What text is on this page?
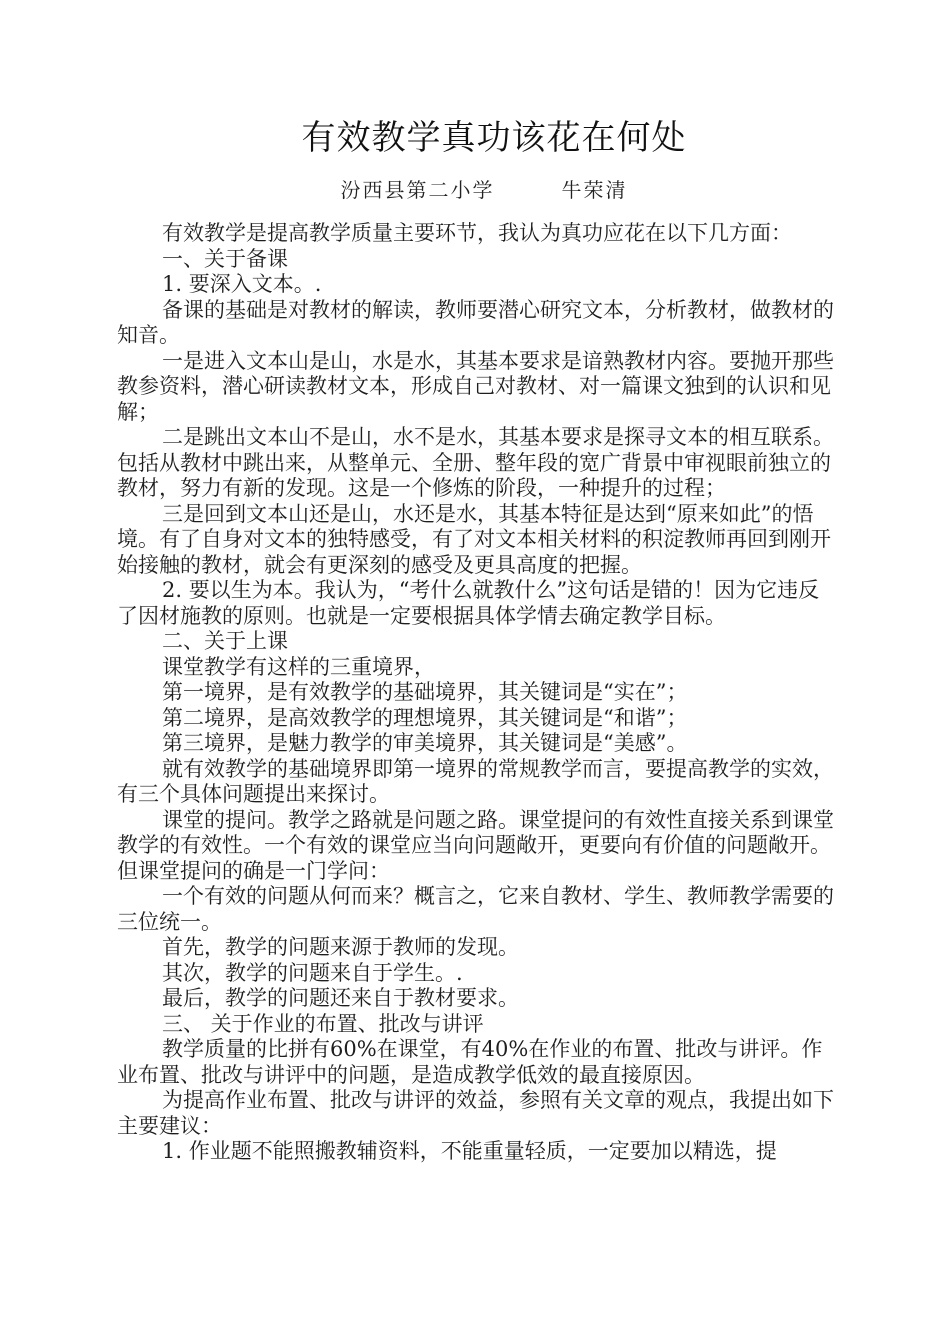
有效教学真功该花在何处
汾西县第二小学   牛荣清

有效教学是提高教学质量主要环节，我认为真功应花在以下几方面：

一、关于备课

1. 要深入文本。.

备课的基础是对教材的解读，教师要潜心研究文本，分析教材，做教材的知音。

一是进入文本山是山，水是水，其基本要求是谙熟教材内容。要抛开那些教参资料，潜心研读教材文本，形成自己对教材、对一篇课文独到的认识和见解；

二是跳出文本山不是山，水不是水，其基本要求是探寻文本的相互联系。包括从教材中跳出来，从整单元、全册、整年段的宽广背景中审视眼前独立的教材，努力有新的发现。这是一个修炼的阶段，一种提升的过程；

三是回到文本山还是山，水还是水，其基本特征是达到“原来如此”的悟境。有了自身对文本的独特感受，有了对文本相关材料的积淀教师再回到刚开始接触的教材，就会有更深刻的感受及更具高度的把握。

2. 要以生为本。我认为，“考什么就教什么”这句话是错的！因为它违反了因材施教的原则。也就是一定要根据具体学情去确定教学目标。

二、关于上课

课堂教学有这样的三重境界，

第一境界，是有效教学的基础境界，其关键词是“实在”；

第二境界，是高效教学的理想境界，其关键词是“和谐”；

第三境界，是魅力教学的审美境界，其关键词是“美感”。

就有效教学的基础境界即第一境界的常规教学而言，要提高教学的实效，有三个具体问题提出来探讨。

课堂的提问。教学之路就是问题之路。课堂提问的有效性直接关系到课堂教学的有效性。一个有效的课堂应当向问题敞开，更要向有价值的问题敞开。但课堂提问的确是一门学问：

一个有效的问题从何而来？概言之，它来自教材、学生、教师教学需要的三位统一。

首先，教学的问题来源于教师的发现。

其次，教学的问题来自于学生。.

最后，教学的问题还来自于教材要求。

三、 关于作业的布置、批改与讲评

教学质量的比拼有60%在课堂，有40%在作业的布置、批改与讲评。作业布置、批改与讲评中的问题，是造成教学低效的最直接原因。

为提高作业布置、批改与讲评的效益，参照有关文章的观点，我提出如下主要建议：

1. 作业题不能照搬教辅资料，不能重量轻质，一定要加以精选，提
